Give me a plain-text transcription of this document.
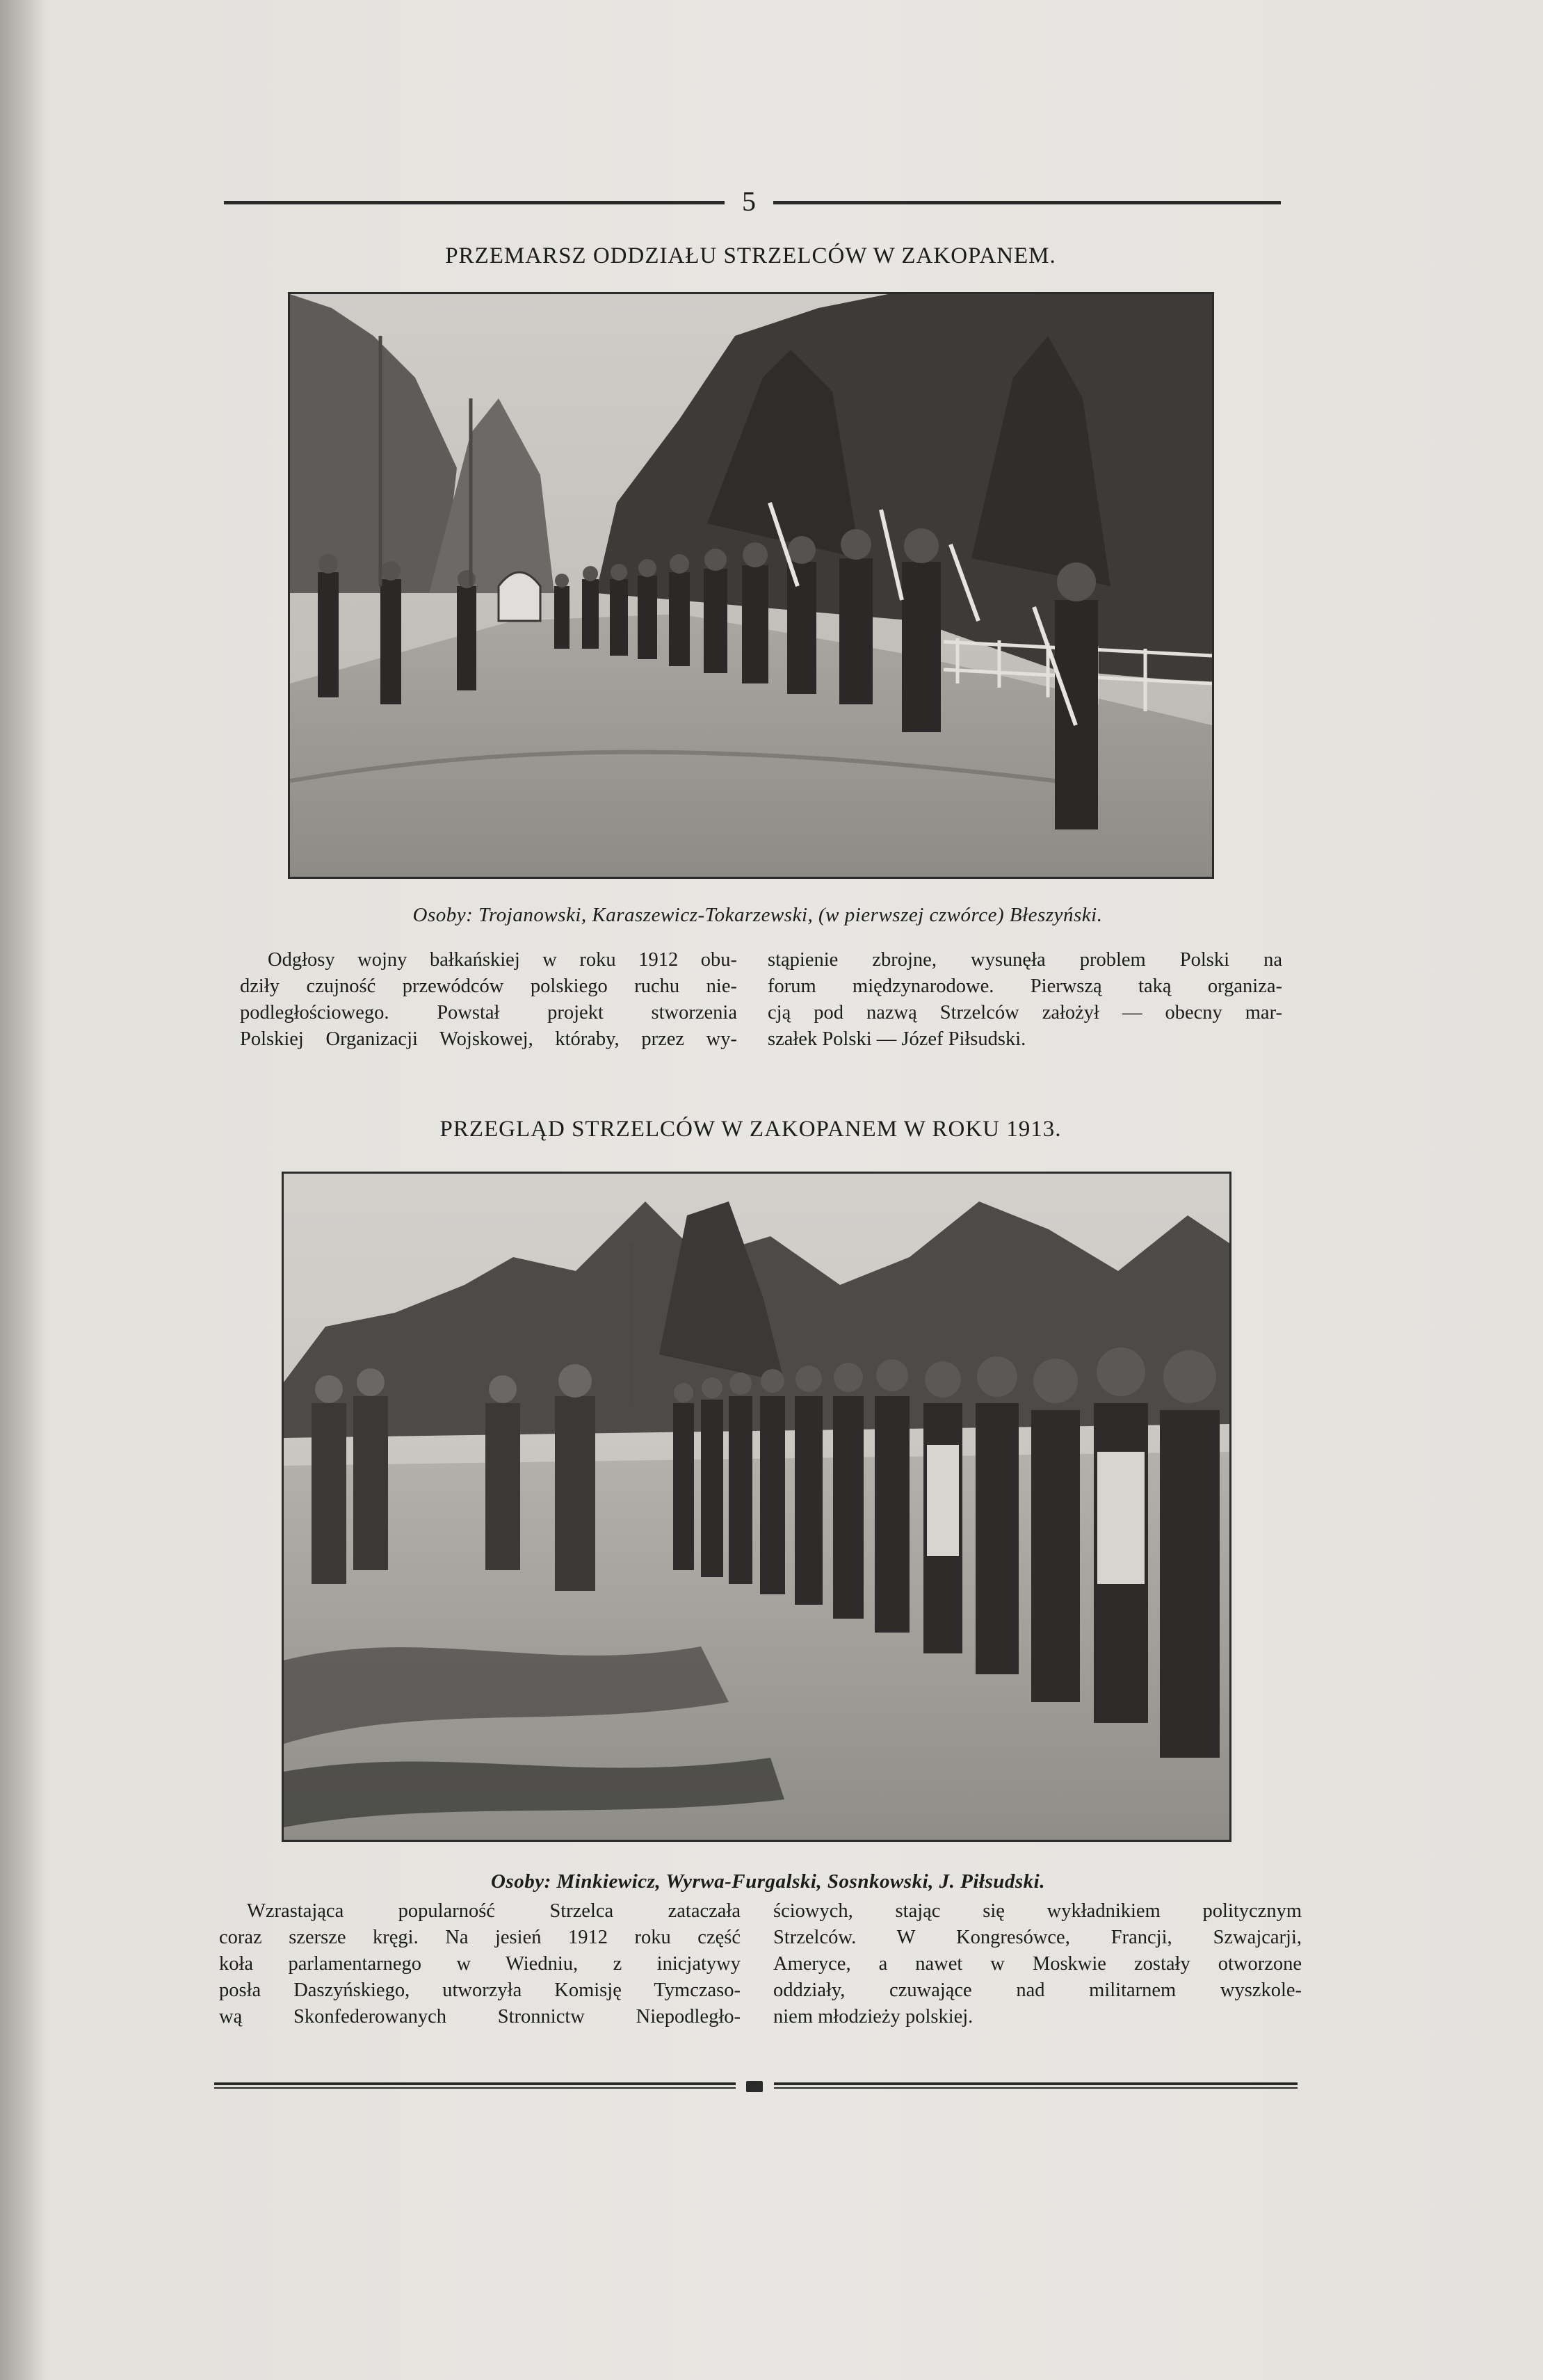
5
PRZEMARSZ ODDZIAŁU STRZELCÓW W ZAKOPANEM.
Osoby: Trojanowski, Karaszewicz-Tokarzewski, (w pierwszej czwórce) Błeszyński.

Odgłosy wojny bałkańskiej w roku 1912 obu-

dziły czujność przewódców polskiego ruchu nie-

podległościowego. Powstał projekt stworzenia

Polskiej Organizacji Wojskowej, któraby, przez wy-

stąpienie zbrojne, wysunęła problem Polski na

forum międzynarodowe. Pierwszą taką organiza-

cją pod nazwą Strzelców założył — obecny mar-

szałek Polski — Józef Piłsudski.

PRZEGLĄD STRZELCÓW W ZAKOPANEM W ROKU 1913.
Osoby: Minkiewicz, Wyrwa-Furgalski, Sosnkowski, J. Piłsudski.

Wzrastająca popularność Strzelca zataczała

coraz szersze kręgi. Na jesień 1912 roku część

koła parlamentarnego w Wiedniu, z inicjatywy

posła Daszyńskiego, utworzyła Komisję Tymczaso-

wą Skonfederowanych Stronnictw Niepodległo-

ściowych, stając się wykładnikiem politycznym

Strzelców. W Kongresówce, Francji, Szwajcarji,

Ameryce, a nawet w Moskwie zostały otworzone

oddziały, czuwające nad militarnem wyszkole-

niem młodzieży polskiej.
